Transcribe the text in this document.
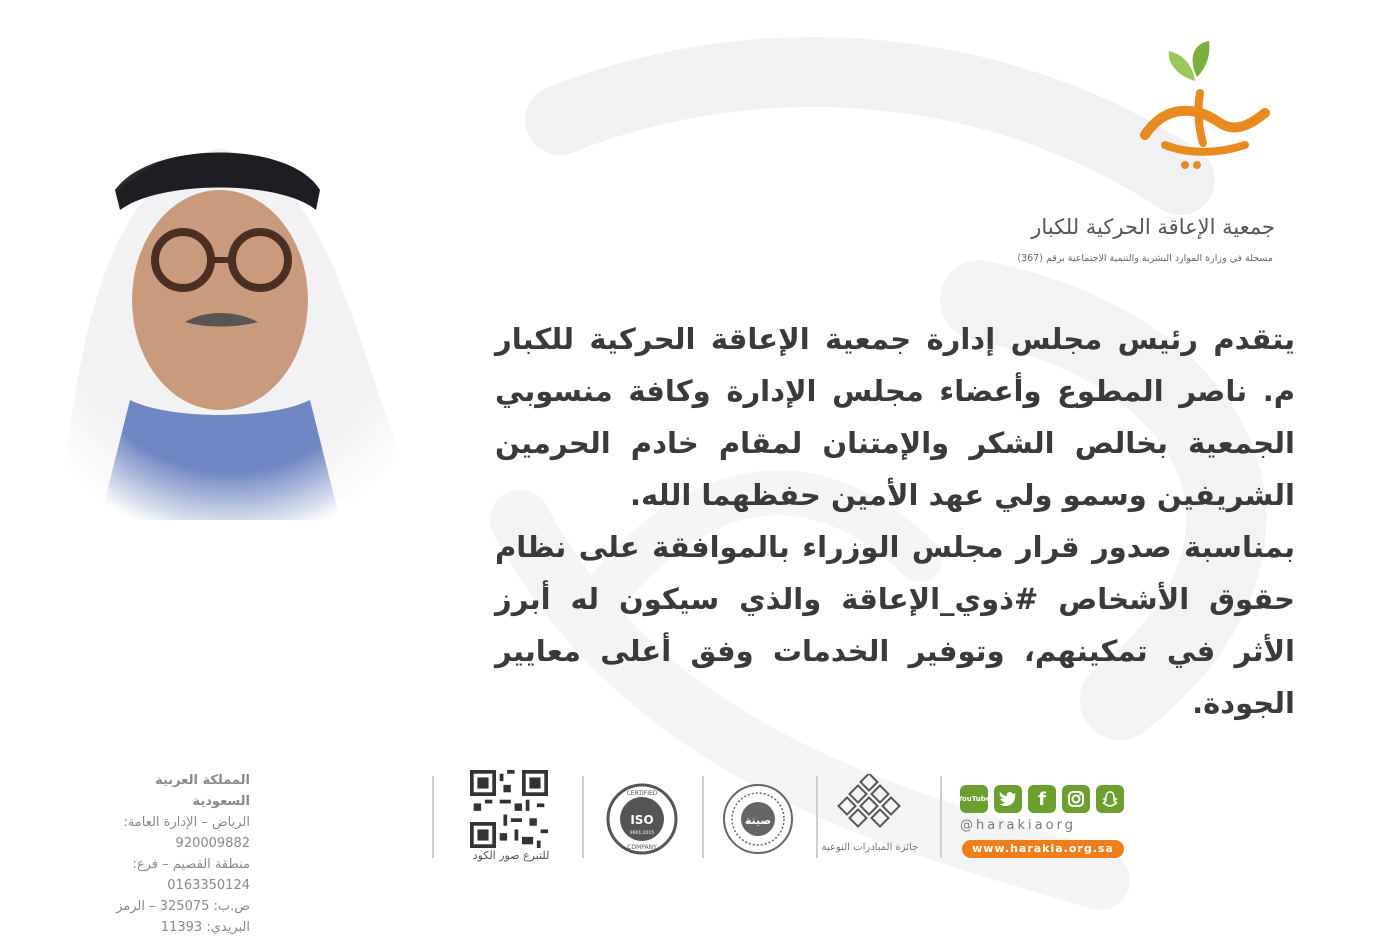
جمعية الإعاقة الحركية للكبار
مسجلة في وزارة الموارد البشرية والتنمية الاجتماعية برقم (367)

يتقدم رئيس مجلس إدارة جمعية الإعاقة الحركية للكبار م. ناصر المطوع وأعضاء مجلس الإدارة وكافة منسوبي الجمعية بخالص الشكر والإمتنان لمقام خادم الحرمين الشريفين وسمو ولي عهد الأمين حفظهما الله.

بمناسبة صدور قرار مجلس الوزراء بالموافقة على نظام حقوق الأشخاص #ذوي_الإعاقة والذي سيكون له أبرز الأثر في تمكينهم، وتوفير الخدمات وفق أعلى معايير الجودة.

المملكة العربية السعودية
الرياض – الإدارة العامة: 920009882
منطقة القصيم – فرع: 0163350124
ص.ب: 325075 – الرمز البريدي: 11393
للتبرع صور الكود
ISO
CERTIFIED
9001:2015
COMPANY
صيتة
جائزة المبادرات النوعية
YouTube	f
@harakiaorg
www.harakia.org.sa
